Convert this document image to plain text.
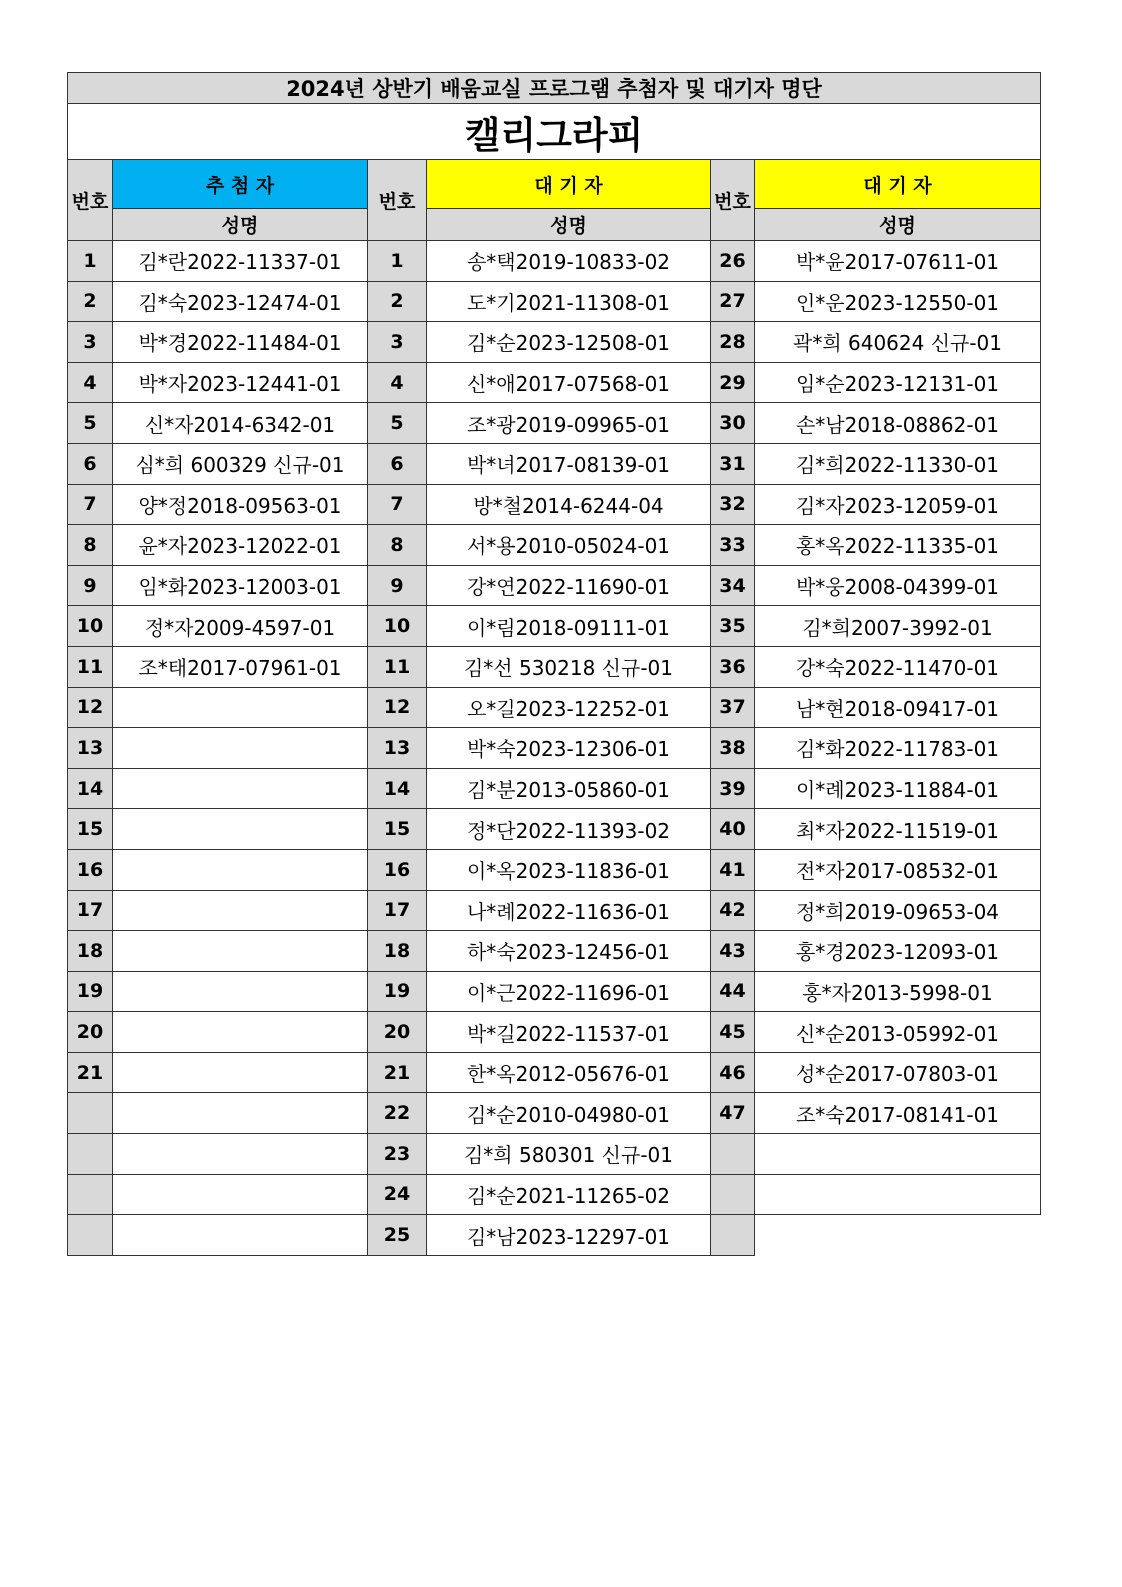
2024년 상반기 배움교실 프로그램 추첨자 및 대기자 명단					
캘리그라피					
번호	추 첨 자	번호	대 기 자	번호	대 기 자
	성명		성명		성명
1	김*란2022-11337-01	1	송*택2019-10833-02	26	박*윤2017-07611-01
2	김*숙2023-12474-01	2	도*기2021-11308-01	27	인*운2023-12550-01
3	박*경2022-11484-01	3	김*순2023-12508-01	28	곽*희 640624 신규-01
4	박*자2023-12441-01	4	신*애2017-07568-01	29	임*순2023-12131-01
5	신*자2014-6342-01	5	조*광2019-09965-01	30	손*남2018-08862-01
6	심*희 600329 신규-01	6	박*녀2017-08139-01	31	김*희2022-11330-01
7	양*정2018-09563-01	7	방*철2014-6244-04	32	김*자2023-12059-01
8	윤*자2023-12022-01	8	서*용2010-05024-01	33	홍*옥2022-11335-01
9	임*화2023-12003-01	9	강*연2022-11690-01	34	박*웅2008-04399-01
10	정*자2009-4597-01	10	이*림2018-09111-01	35	김*희2007-3992-01
11	조*태2017-07961-01	11	김*선 530218 신규-01	36	강*숙2022-11470-01
12		12	오*길2023-12252-01	37	남*현2018-09417-01
13		13	박*숙2023-12306-01	38	김*화2022-11783-01
14		14	김*분2013-05860-01	39	이*례2023-11884-01
15		15	정*단2022-11393-02	40	최*자2022-11519-01
16		16	이*옥2023-11836-01	41	전*자2017-08532-01
17		17	나*례2022-11636-01	42	정*희2019-09653-04
18		18	하*숙2023-12456-01	43	홍*경2023-12093-01
19		19	이*근2022-11696-01	44	홍*자2013-5998-01
20		20	박*길2022-11537-01	45	신*순2013-05992-01
21		21	한*옥2012-05676-01	46	성*순2017-07803-01
		22	김*순2010-04980-01	47	조*숙2017-08141-01
		23	김*희 580301 신규-01		
		24	김*순2021-11265-02		
		25	김*남2023-12297-01		
